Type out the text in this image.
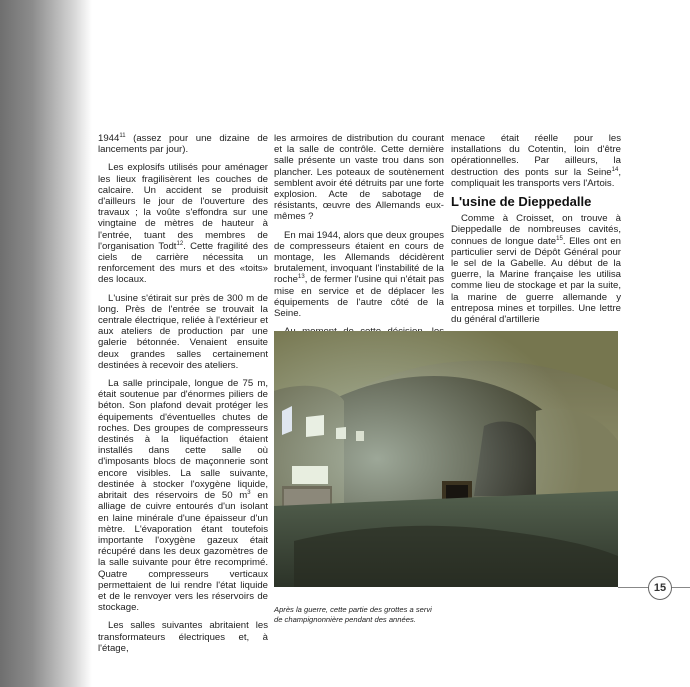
1944$^{11}$ (assez pour une dizaine de lancements par jour).

Les explosifs utilisés pour aménager les lieux fragilisèrent les couches de calcaire. Un accident se produisit d'ailleurs le jour de l'ouverture des travaux ; la voûte s'effondra sur une vingtaine de mètres de hauteur à l'entrée, tuant des membres de l'organisation Todt$^{12}$. Cette fragilité des ciels de carrière nécessita un renforcement des murs et des «toits» des locaux.

L'usine s'étirait sur près de 300 m de long. Près de l'entrée se trouvait la centrale électrique, reliée à l'extérieur et aux ateliers de production par une galerie bétonnée. Venaient ensuite deux grandes salles certainement destinées à recevoir des ateliers.

La salle principale, longue de 75 m, était soutenue par d'énormes piliers de béton. Son plafond devait protéger les équipements d'éventuelles chutes de roches. Des groupes de compresseurs destinés à la liquéfaction étaient installés dans cette salle où d'imposants blocs de maçonnerie sont encore visibles. La salle suivante, destinée à stocker l'oxygène liquide, abritait des réservoirs de 50 $m^3$ en alliage de cuivre entourés d'un isolant en laine minérale d'une épaisseur d'un mètre. L'évaporation étant toutefois importante l'oxygène gazeux était récupéré dans les deux gazomètres de la salle suivante pour être recomprimé. Quatre compresseurs verticaux permettaient de lui rendre l'état liquide et de le renvoyer vers les réservoirs de stockage.

Les salles suivantes abritaient les transformateurs électriques et, à l'étage,

les armoires de distribution du courant et la salle de contrôle. Cette dernière salle présente un vaste trou dans son plancher. Les poteaux de soutènement semblent avoir été détruits par une forte explosion. Acte de sabotage de résistants, œuvre des Allemands eux-mêmes ?

En mai 1944, alors que deux groupes de compresseurs étaient en cours de montage, les Allemands décidèrent brutalement, invoquant l'instabilité de la roche$^{13}$, de fermer l'usine qui n'était pas mise en service et de déplacer les équipements de l'autre côté de la Seine.

menace était réelle pour les installations du Cotentin, loin d'être opérationnelles. Par ailleurs, la destruction des ponts sur la Seine$^{14}$, compliquait les transports vers l'Artois.

L'usine de Dieppedalle

Comme à Croisset, on trouve à Dieppedalle de nombreuses cavités, connues de longue date$^{15}$. Elles ont en particulier servi de Dépôt Général pour le sel de la Gabelle. Au début de la guerre, la Marine française les utilisa comme lieu de stockage et par la suite, la marine de guerre allemande y entreposa mines et torpilles. Une lettre du général d'artillerie

Après la guerre, cette partie des grottes a servi
de champignonnière pendant des années.
15
